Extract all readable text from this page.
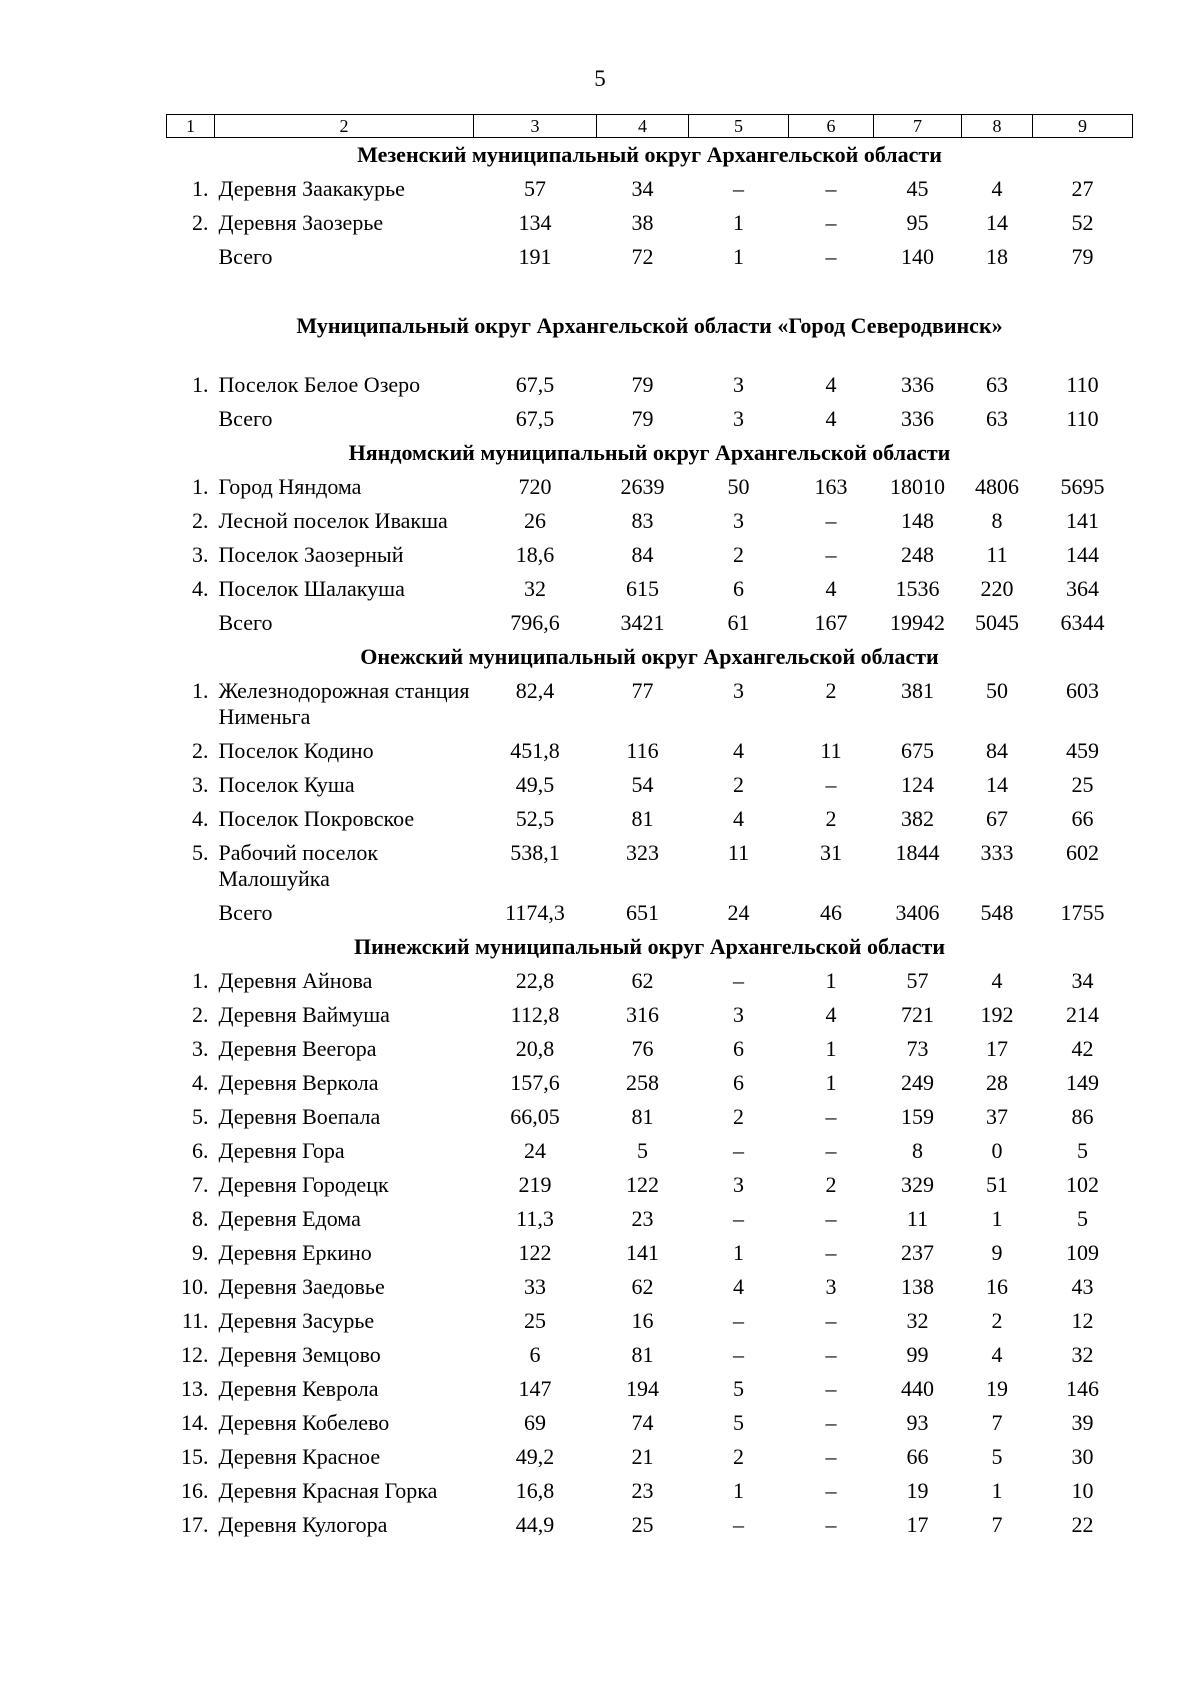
5
1	2	3	4	5	6	7	8	9
Мезенский муниципальный округ Архангельской области								
1.	Деревня Заакакурье	57	34	–	–	45	4	27
2.	Деревня Заозерье	134	38	1	–	95	14	52
	Всего	191	72	1	–	140	18	79

Муниципальный округ Архангельской области «Город Северодвинск»								
1.	Поселок Белое Озеро	67,5	79	3	4	336	63	110
	Всего	67,5	79	3	4	336	63	110
Няндомский муниципальный округ Архангельской области								
1.	Город Няндома	720	2639	50	163	18010	4806	5695
2.	Лесной поселок Ивакша	26	83	3	–	148	8	141
3.	Поселок Заозерный	18,6	84	2	–	248	11	144
4.	Поселок Шалакуша	32	615	6	4	1536	220	364
	Всего	796,6	3421	61	167	19942	5045	6344
Онежский муниципальный округ Архангельской области								
1.	Железнодорожная станция Нименьга	82,4	77	3	2	381	50	603
2.	Поселок Кодино	451,8	116	4	11	675	84	459
3.	Поселок Куша	49,5	54	2	–	124	14	25
4.	Поселок Покровское	52,5	81	4	2	382	67	66
5.	Рабочий поселок Малошуйка	538,1	323	11	31	1844	333	602
	Всего	1174,3	651	24	46	3406	548	1755
Пинежский муниципальный округ Архангельской области								
1.	Деревня Айнова	22,8	62	–	1	57	4	34
2.	Деревня Ваймуша	112,8	316	3	4	721	192	214
3.	Деревня Веегора	20,8	76	6	1	73	17	42
4.	Деревня Веркола	157,6	258	6	1	249	28	149
5.	Деревня Воепала	66,05	81	2	–	159	37	86
6.	Деревня Гора	24	5	–	–	8	0	5
7.	Деревня Городецк	219	122	3	2	329	51	102
8.	Деревня Едома	11,3	23	–	–	11	1	5
9.	Деревня Еркино	122	141	1	–	237	9	109
10.	Деревня Заедовье	33	62	4	3	138	16	43
11.	Деревня Засурье	25	16	–	–	32	2	12
12.	Деревня Земцово	6	81	–	–	99	4	32
13.	Деревня Кеврола	147	194	5	–	440	19	146
14.	Деревня Кобелево	69	74	5	–	93	7	39
15.	Деревня Красное	49,2	21	2	–	66	5	30
16.	Деревня Красная Горка	16,8	23	1	–	19	1	10
17.	Деревня Кулогора	44,9	25	–	–	17	7	22
